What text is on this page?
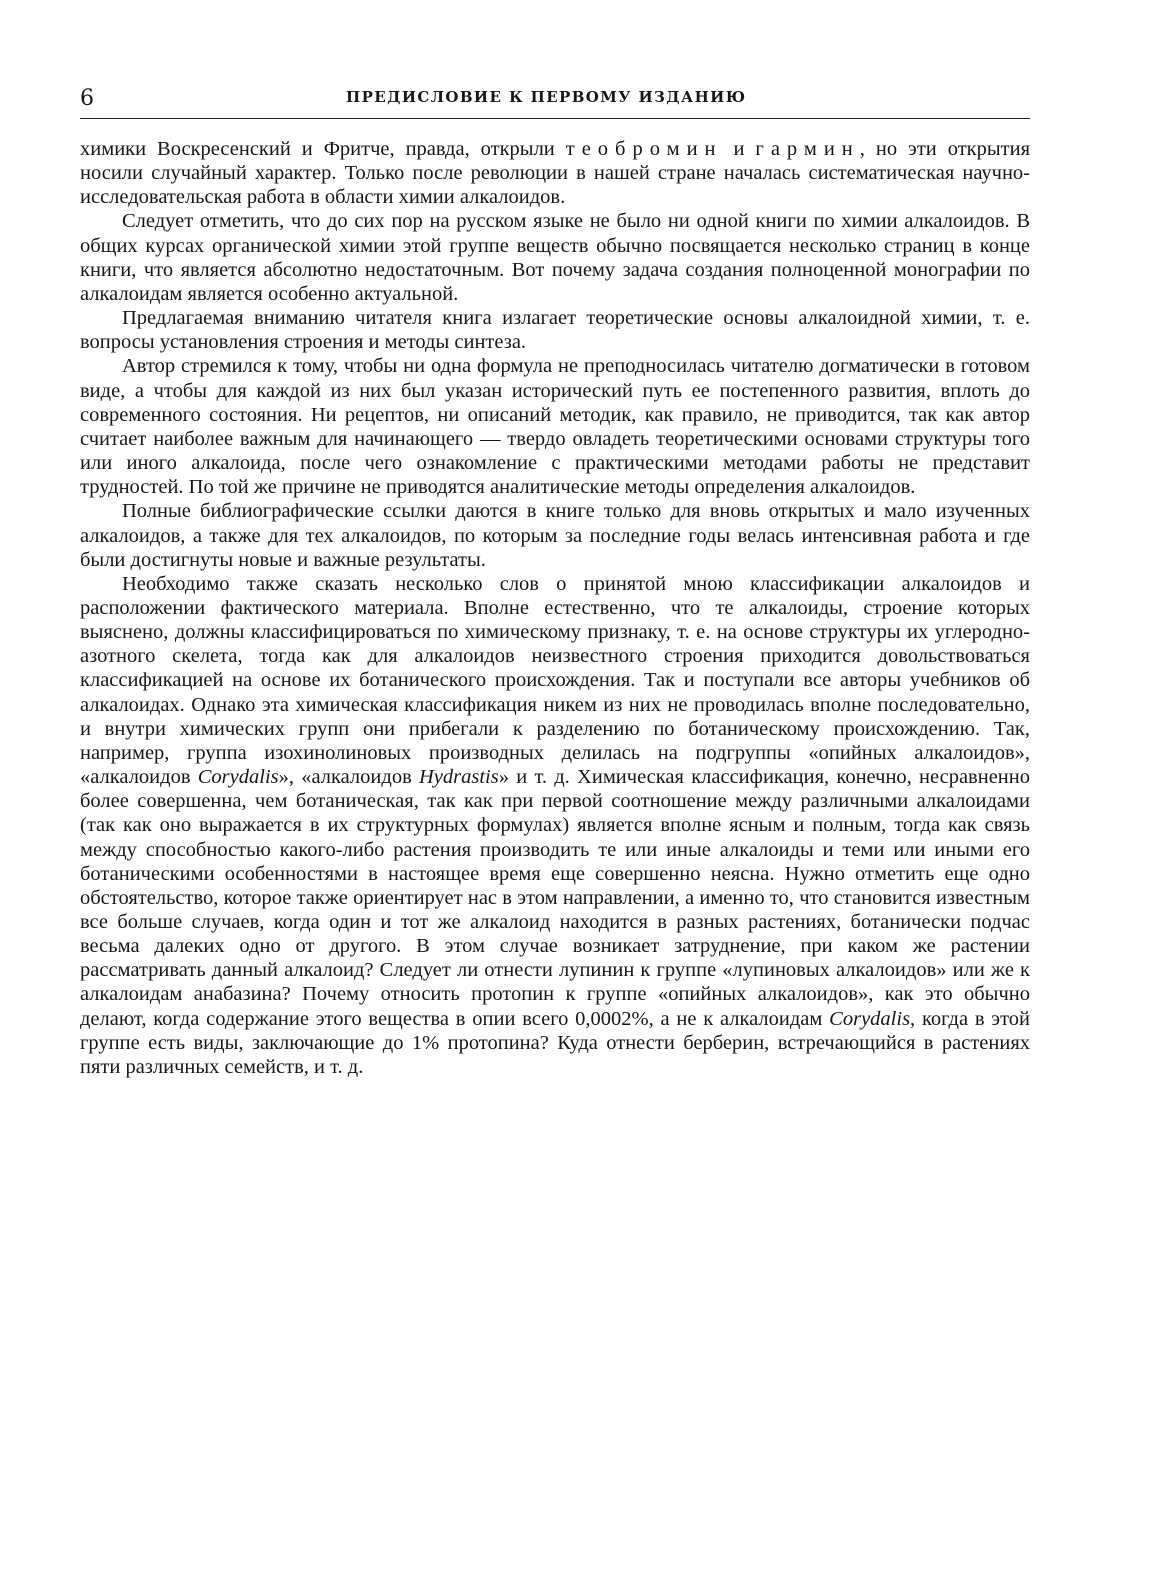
6	ПРЕДИСЛОВИЕ К ПЕРВОМУ ИЗДАНИЮ

химики Воскресенский и Фритче, правда, открыли теобромин и гармин, но эти открытия носили случайный характер. Только после революции в нашей стране началась систематическая научно-исследовательская работа в области химии алкалоидов.

Следует отметить, что до сих пор на русском языке не было ни одной книги по химии алкалоидов. В общих курсах органической химии этой группе веществ обычно посвящается несколько страниц в конце книги, что является абсолютно недостаточным. Вот почему задача создания полноценной монографии по алкалоидам является особенно актуальной.

Предлагаемая вниманию читателя книга излагает теоретические основы алкалоидной химии, т. е. вопросы установления строения и методы синтеза.

Автор стремился к тому, чтобы ни одна формула не преподносилась читателю догматически в готовом виде, а чтобы для каждой из них был указан исторический путь ее постепенного развития, вплоть до современного состояния. Ни рецептов, ни описаний методик, как правило, не приводится, так как автор считает наиболее важным для начинающего — твердо овладеть теоретическими основами структуры того или иного алкалоида, после чего ознакомление с практическими методами работы не представит трудностей. По той же причине не приводятся аналитические методы определения алкалоидов.

Полные библиографические ссылки даются в книге только для вновь открытых и мало изученных алкалоидов, а также для тех алкалоидов, по которым за последние годы велась интенсивная работа и где были достигнуты новые и важные результаты.

Необходимо также сказать несколько слов о принятой мною классификации алкалоидов и расположении фактического материала. Вполне естественно, что те алкалоиды, строение которых выяснено, должны классифицироваться по химическому признаку, т. е. на основе структуры их углеродно-азотного скелета, тогда как для алкалоидов неизвестного строения приходится довольствоваться классификацией на основе их ботанического происхождения. Так и поступали все авторы учебников об алкалоидах. Однако эта химическая классификация никем из них не проводилась вполне последовательно, и внутри химических групп они прибегали к разделению по ботаническому происхождению. Так, например, группа изохинолиновых производных делилась на подгруппы «опийных алкалоидов», «алкалоидов Corydalis», «алкалоидов Hydrastis» и т. д. Химическая классификация, конечно, несравненно более совершенна, чем ботаническая, так как при первой соотношение между различными алкалоидами (так как оно выражается в их структурных формулах) является вполне ясным и полным, тогда как связь между способностью какого-либо растения производить те или иные алкалоиды и теми или иными его ботаническими особенностями в настоящее время еще совершенно неясна. Нужно отметить еще одно обстоятельство, которое также ориентирует нас в этом направлении, а именно то, что становится известным все больше случаев, когда один и тот же алкалоид находится в разных растениях, ботанически подчас весьма далеких одно от другого. В этом случае возникает затруднение, при каком же растении рассматривать данный алкалоид? Следует ли отнести лупинин к группе «лупиновых алкалоидов» или же к алкалоидам анабазина? Почему относить протопин к группе «опийных алкалоидов», как это обычно делают, когда содержание этого вещества в опии всего 0,0002%, а не к алкалоидам Corydalis, когда в этой группе есть виды, заключающие до 1% протопина? Куда отнести берберин, встречающийся в растениях пяти различных семейств, и т. д.
